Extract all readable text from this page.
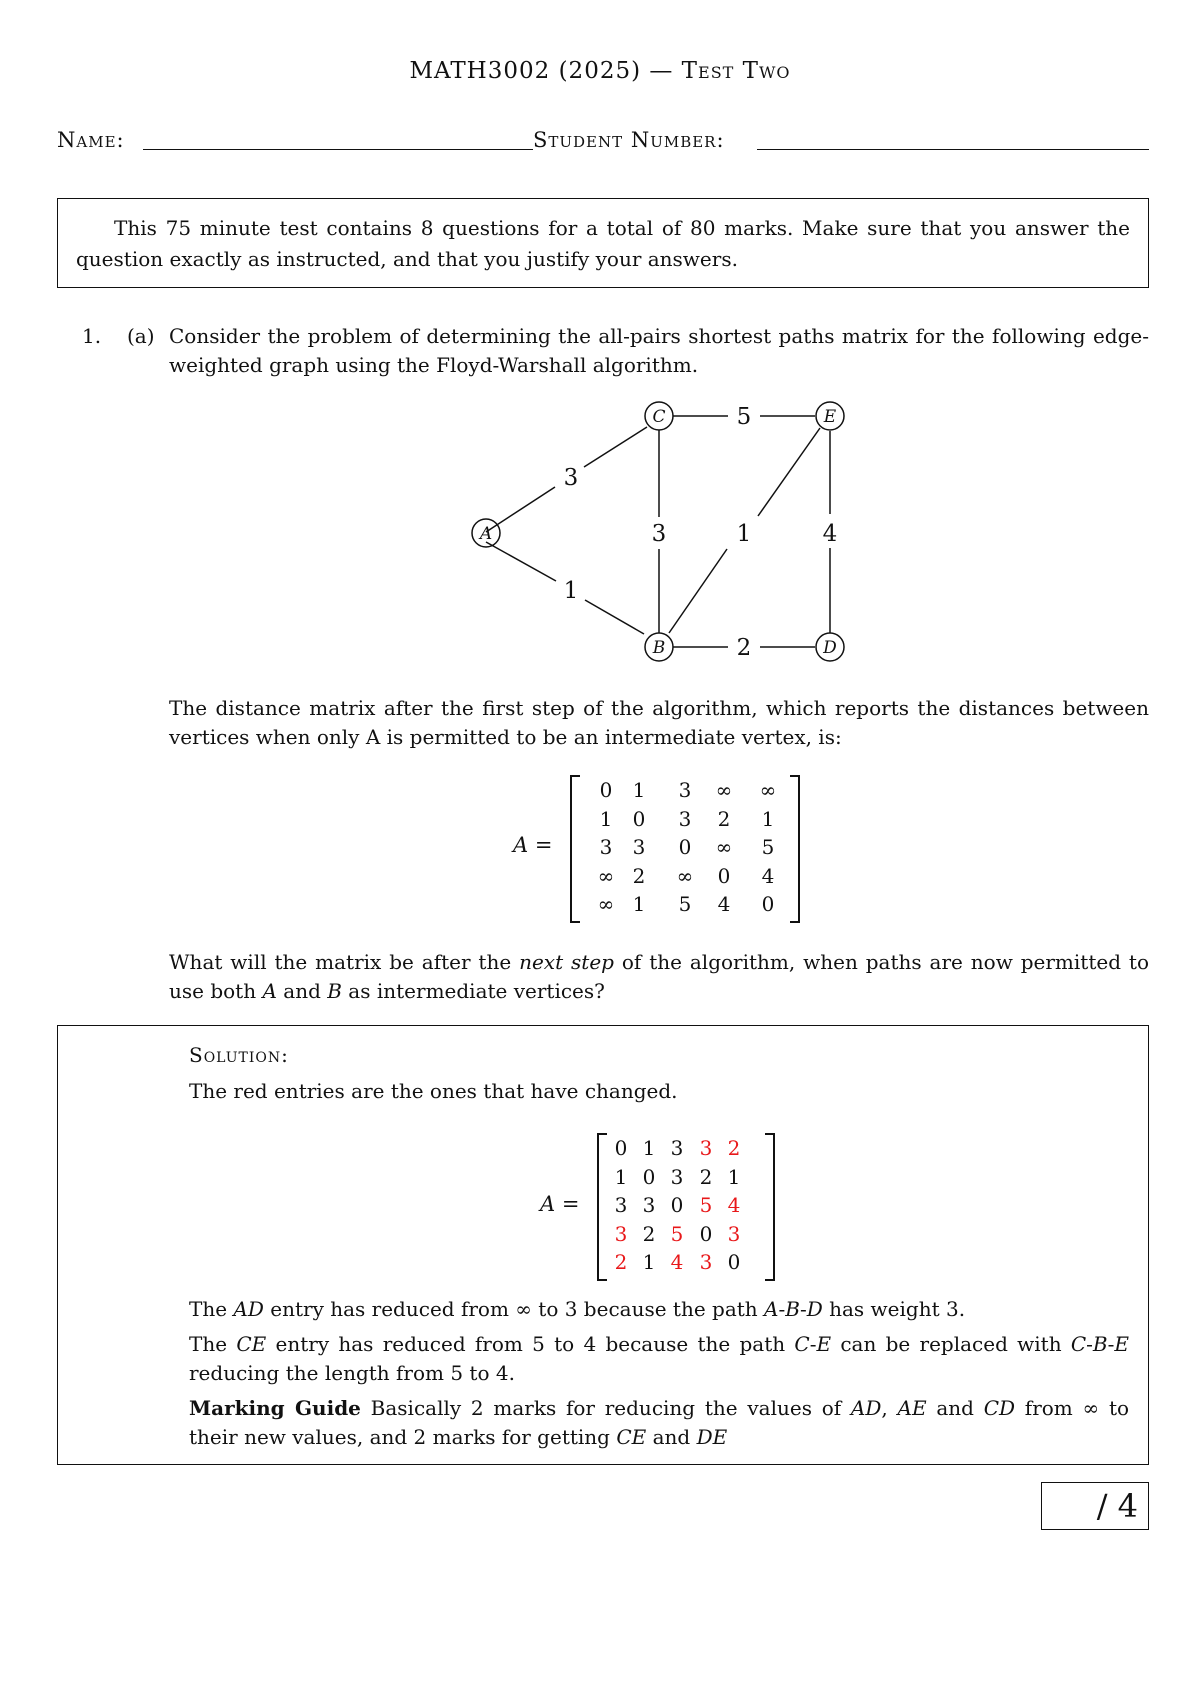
MATH3002 (2025) — Test Two
Name:	Student Number:
This 75 minute test contains 8 questions for a total of 80 marks. Make sure that you answer the question exactly as instructed, and that you justify your answers.
1. (a) Consider the problem of determining the all-pairs shortest paths matrix for the following edge-weighted graph using the Floyd-Warshall algorithm.
A
B
C
D
E
3
1
5
3	1	4
2
The distance matrix after the first step of the algorithm, which reports the distances between vertices when only A is permitted to be an intermediate vertex, is:
A =
0	1	3	∞	∞
1	0	3	2	1
3	3	0	∞	5
∞ 2	∞	0	4
∞ 1	5	4	0
What will the matrix be after the next step of the algorithm, when paths are now permitted to use both A and B as intermediate vertices?
Solution:
The red entries are the ones that have changed.
A =
0 1 3 3 2
1 0 3 2 1
3 3 0 5 4
3 2 5 0 3
2 1 4 3 0
The AD entry has reduced from ∞ to 3 because the path A-B-D has weight 3.
The CE entry has reduced from 5 to 4 because the path C-E can be replaced with C-B-E reducing the length from 5 to 4.
Marking Guide Basically 2 marks for reducing the values of AD, AE and CD from ∞ to their new values, and 2 marks for getting CE and DE
/ 4
